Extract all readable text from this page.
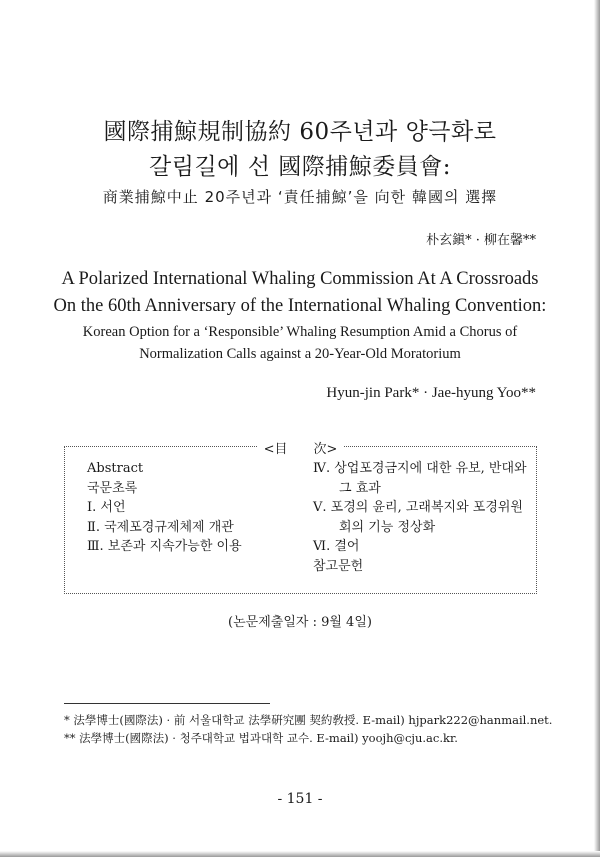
國際捕鯨規制協約 60주년과 양극화로
갈림길에 선 國際捕鯨委員會:
商業捕鯨中止 20주년과 ‘責任捕鯨’을 向한 韓國의 選擇
朴玄鎭* · 柳在馨**
A Polarized International Whaling Commission At A Crossroads
On the 60th Anniversary of the International Whaling Convention:
Korean Option for a ‘Responsible’ Whaling Resumption Amid a Chorus of
Normalization Calls against a 20-Year-Old Moratorium
Hyun-jin Park* · Jae-hyung Yoo**
<目　　次>
Abstract
국문초록
Ⅰ. 서언
Ⅱ. 국제포경규제체제 개관
Ⅲ. 보존과 지속가능한 이용
Ⅳ. 상업포경금지에 대한 유보, 반대와
그 효과
Ⅴ. 포경의 윤리, 고래복지와 포경위원
회의 기능 정상화
Ⅵ. 결어
참고문헌
(논문제출일자 : 9월 4일)
* 法學博士(國際法) · 前 서울대학교 法學硏究團 契約敎授. E-mail) hjpark222@hanmail.net.
** 法學博士(國際法) · 청주대학교 법과대학 교수. E-mail) yoojh@cju.ac.kr.
- 151 -
